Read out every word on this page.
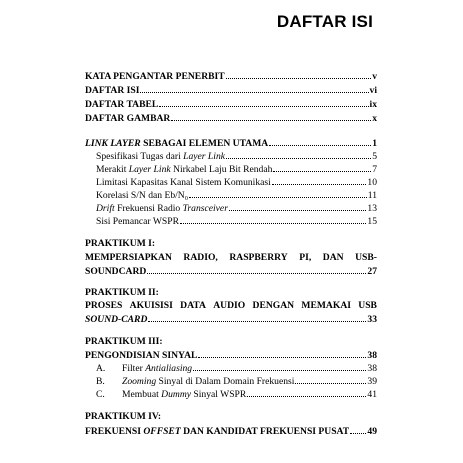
DAFTAR ISI
KATA PENGANTAR PENERBIT	v
DAFTAR ISI	vi
DAFTAR TABEL	ix
DAFTAR GAMBAR	x
LINK LAYER SEBAGAI ELEMEN UTAMA	1
Spesifikasi Tugas dari Layer Link	5
Merakit Layer Link Nirkabel Laju Bit Rendah	7
Limitasi Kapasitas Kanal Sistem Komunikasi	10
Korelasi S/N dan Eb/N₀	11
Drift Frekuensi Radio Transceiver	13
Sisi Pemancar WSPR	15
PRAKTIKUM I:
MEMPERSIAPKAN RADIO, RASPBERRY PI, DAN USB-
SOUNDCARD	27
PRAKTIKUM II:
PROSES AKUISISI DATA AUDIO DENGAN MEMAKAI USB
SOUND-CARD	33
PRAKTIKUM III:
PENGONDISIAN SINYAL	38
A. Filter Antialiasing	38
B. Zooming Sinyal di Dalam Domain Frekuensi	39
C. Membuat Dummy Sinyal WSPR	41
PRAKTIKUM IV:
FREKUENSI OFFSET DAN KANDIDAT FREKUENSI PUSAT 49
